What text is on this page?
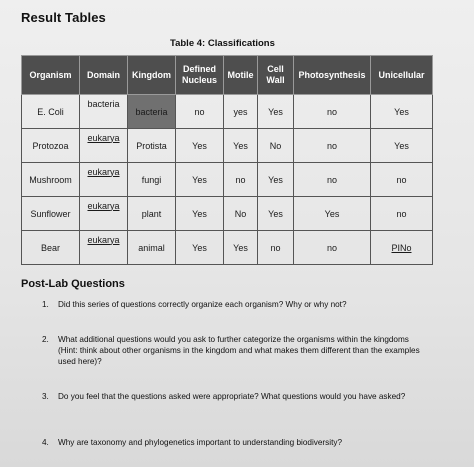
Result Tables
Table 4: Classifications
Organism	Domain	Kingdom	Defined Nucleus	Motile	Cell Wall	Photosynthesis	Unicellular
E. Coli	bacteria	bacteria	no	yes	Yes	no	Yes
Protozoa	eukarya	Protista	Yes	Yes	No	no	Yes
Mushroom	eukarya	fungi	Yes	no	Yes	no	no
Sunflower	eukarya	plant	Yes	No	Yes	Yes	no
Bear	eukarya	animal	Yes	Yes	no	no	PINo
Post-Lab Questions
1. Did this series of questions correctly organize each organism? Why or why not?
2. What additional questions would you ask to further categorize the organisms within the kingdoms (Hint: think about other organisms in the kingdom and what makes them different than the examples used here)?
3. Do you feel that the questions asked were appropriate? What questions would you have asked?
4. Why are taxonomy and phylogenetics important to understanding biodiversity?
